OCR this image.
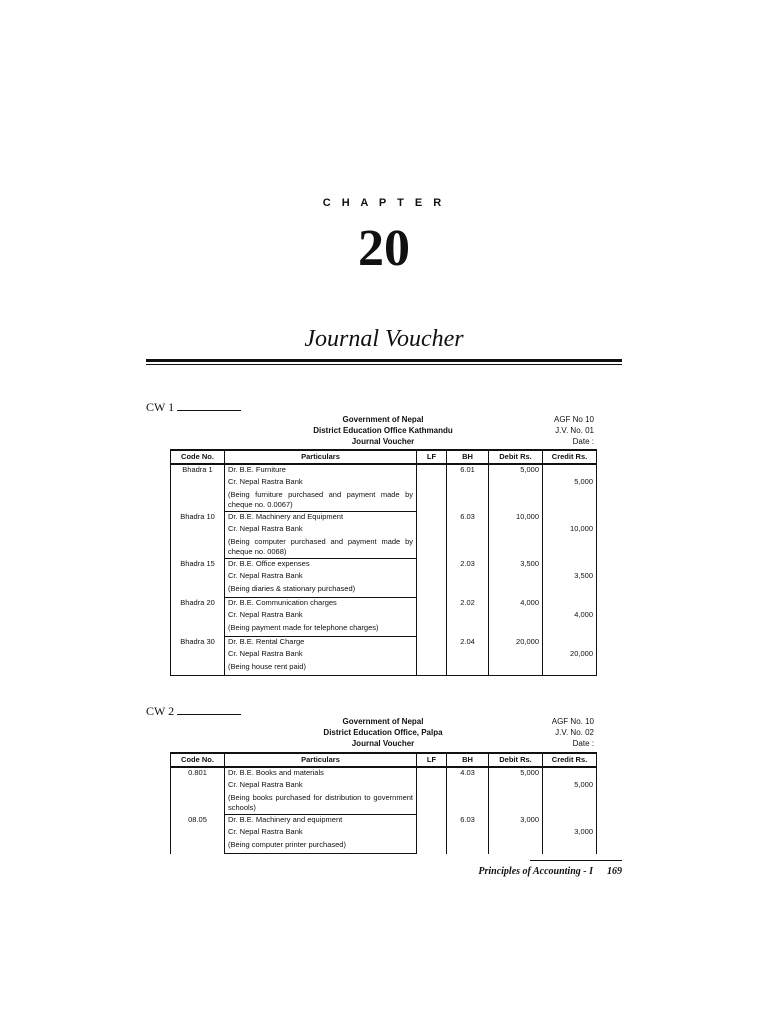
C H A P T E R
20
Journal Voucher
CW 1
Government of Nepal	AGF No 10
District Education Office Kathmandu	J.V. No. 01
Journal Voucher	Date :
Code No.	Particulars	LF	BH	Debit Rs.	Credit Rs.
Bhadra 1	Dr. B.E. Furniture		6.01	5,000	
	Cr. Nepal Rastra Bank				5,000
	(Being furniture purchased and payment made by cheque no. 0.0067)				
Bhadra 10	Dr. B.E. Machinery and Equipment		6.03	10,000	
	Cr. Nepal Rastra Bank				10,000
	(Being computer purchased and payment made by cheque no. 0068)				
Bhadra 15	Dr. B.E. Office expenses		2.03	3,500	
	Cr. Nepal Rastra Bank				3,500
	(Being diaries & stationary purchased)				
Bhadra 20	Dr. B.E. Communication charges		2.02	4,000	
	Cr. Nepal Rastra Bank				4,000
	(Being payment made for telephone charges)				
Bhadra 30	Dr. B.E. Rental Charge		2.04	20,000	
	Cr. Nepal Rastra Bank				20,000
	(Being house rent paid)				
CW 2
Government of Nepal	AGF No. 10
District Education Office, Palpa	J.V. No. 02
Journal Voucher	Date :
Code No.	Particulars	LF	BH	Debit Rs.	Credit Rs.
0.801	Dr. B.E. Books and materials		4.03	5,000	
	Cr. Nepal Rastra Bank				5,000
	(Being books purchased for distribution to government schools)				
08.05	Dr. B.E. Machinery and equipment		6.03	3,000	
	Cr. Nepal Rastra Bank				3,000
	(Being computer printer purchased)				
Principles of Accounting - I 169
